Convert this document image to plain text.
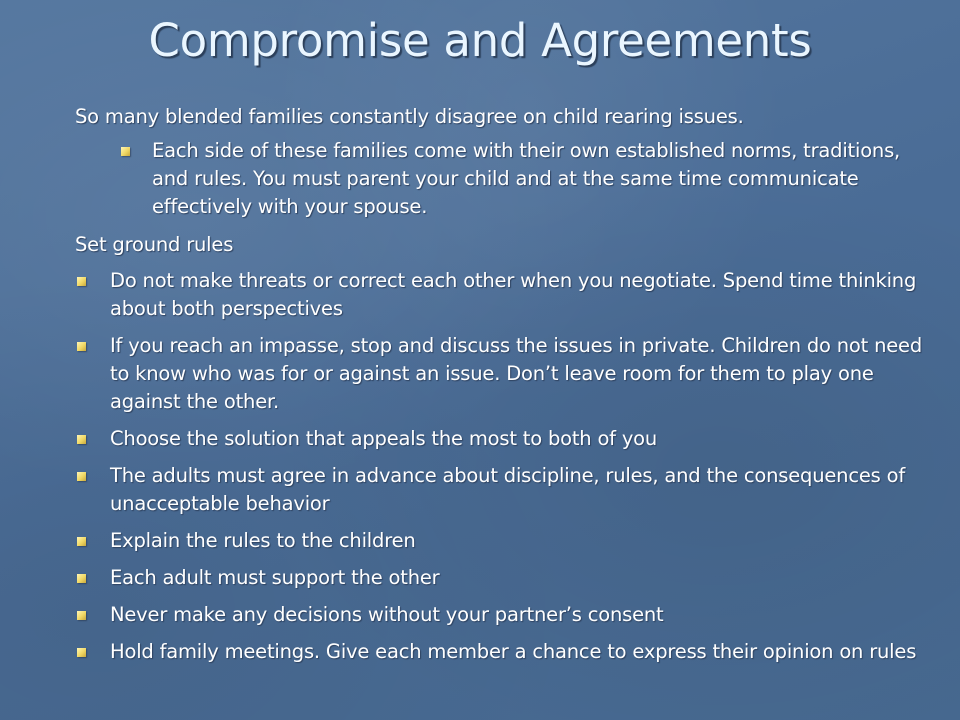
Compromise and Agreements

So many blended families constantly disagree on child rearing issues.

Each side of these families come with their own established norms, traditions, and rules. You must parent your child and at the same time communicate effectively with your spouse.

Set ground rules

Do not make threats or correct each other when you negotiate. Spend time thinking about both perspectives
If you reach an impasse, stop and discuss the issues in private. Children do not need to know who was for or against an issue. Don’t leave room for them to play one against the other.
Choose the solution that appeals the most to both of you
The adults must agree in advance about discipline, rules, and the consequences of unacceptable behavior
Explain the rules to the children
Each adult must support the other
Never make any decisions without your partner’s consent
Hold family meetings. Give each member a chance to express their opinion on rules
